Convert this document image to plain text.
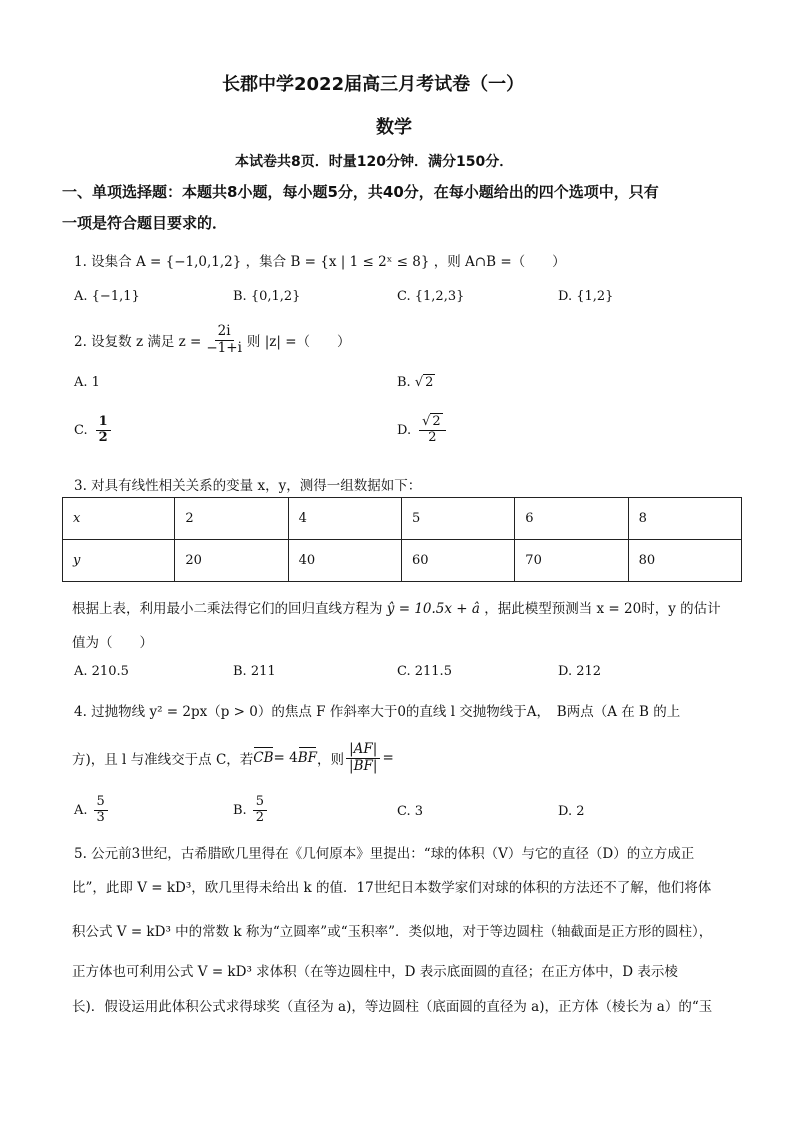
长郡中学2022届高三月考试卷（一）
数学
本试卷共8页．时量120分钟．满分150分．
一、单项选择题：本题共8小题，每小题5分，共40分，在每小题给出的四个选项中，只有
一项是符合题目要求的．
1. 设集合 A = {−1,0,1,2} ，集合 B = {x | 1 ≤ 2ˣ ≤ 8} ，则 A∩B =（　　）
A. {−1,1}	B. {0,1,2}	C. {1,2,3}	D. {1,2}
2. 设复数 z 满足 $z = \frac{2i}{-1+i}$ 则 |z| =（　　）
A. 1	B. √ 2
C. $\frac{1}{2}$	D. $\frac{√ 2}{2}$
3. 对具有线性相关关系的变量 x，y，测得一组数据如下：
x	2	4	5	6	8
y	20	40	60	70	80
根据上表，利用最小二乘法得它们的回归直线方程为 ŷ = 10.5x + â ，据此模型预测当 x = 20时，y 的估计
值为（　　）
A. 210.5	B. 211	C. 211.5	D. 212
4. 过抛物线 y² = 2px（p > 0）的焦点 F 作斜率大于0的直线 l 交抛物线于A，　B两点（A 在 B 的上
方)，且 l 与准线交于点 C，若 CB = 4 BF ，则 $\frac{|AF|}{|BF|}$ =
A. $\frac{5}{3}$	B. $\frac{5}{2}$	C. 3	D. 2
5. 公元前3世纪，古希腊欧几里得在《几何原本》里提出：“球的体积（V）与它的直径（D）的立方成正
比”，此即 V = kD³，欧几里得未给出 k 的值．17世纪日本数学家们对球的体积的方法还不了解，他们将体
积公式 V = kD³ 中的常数 k 称为“立圆率”或“玉积率”．类似地，对于等边圆柱（轴截面是正方形的圆柱），
正方体也可利用公式 V = kD³ 求体积（在等边圆柱中，D 表示底面圆的直径；在正方体中，D 表示棱
长)．假设运用此体积公式求得球奖（直径为 a)，等边圆柱（底面圆的直径为 a)，正方体（棱长为 a）的“玉
